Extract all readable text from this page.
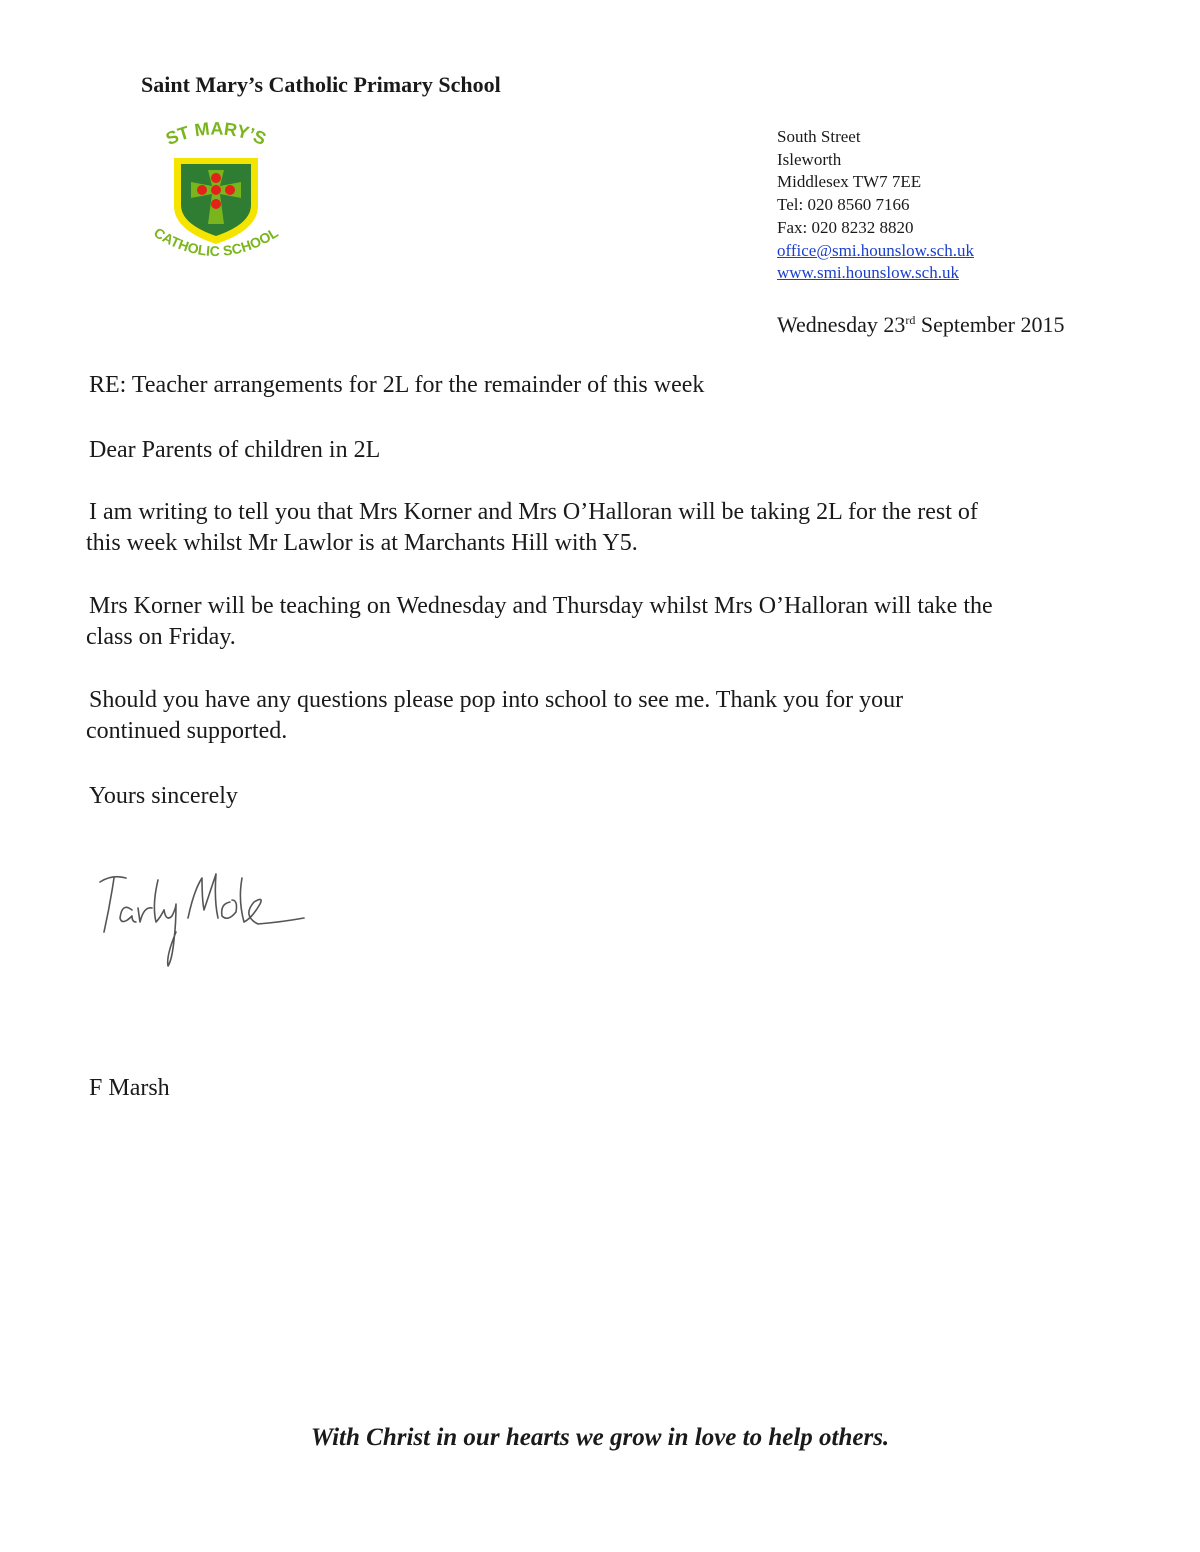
Saint Mary’s Catholic Primary School
ST MARY’S
CATHOLIC SCHOOL
South Street
Isleworth
Middlesex TW7 7EE
Tel: 020 8560 7166
Fax: 020 8232 8820
office@smi.hounslow.sch.uk
www.smi.hounslow.sch.uk
Wednesday 23rd September 2015
RE: Teacher arrangements for 2L for the remainder of this week
Dear Parents of children in 2L
I am writing to tell you that Mrs Korner and Mrs O’Halloran will be taking 2L for the rest of
this week whilst Mr Lawlor is at Marchants Hill with Y5.
Mrs Korner will be teaching on Wednesday and Thursday whilst Mrs O’Halloran will take the
class on Friday.
Should you have any questions please pop into school to see me. Thank you for your
continued supported.
Yours sincerely
F Marsh
With Christ in our hearts we grow in love to help others.
